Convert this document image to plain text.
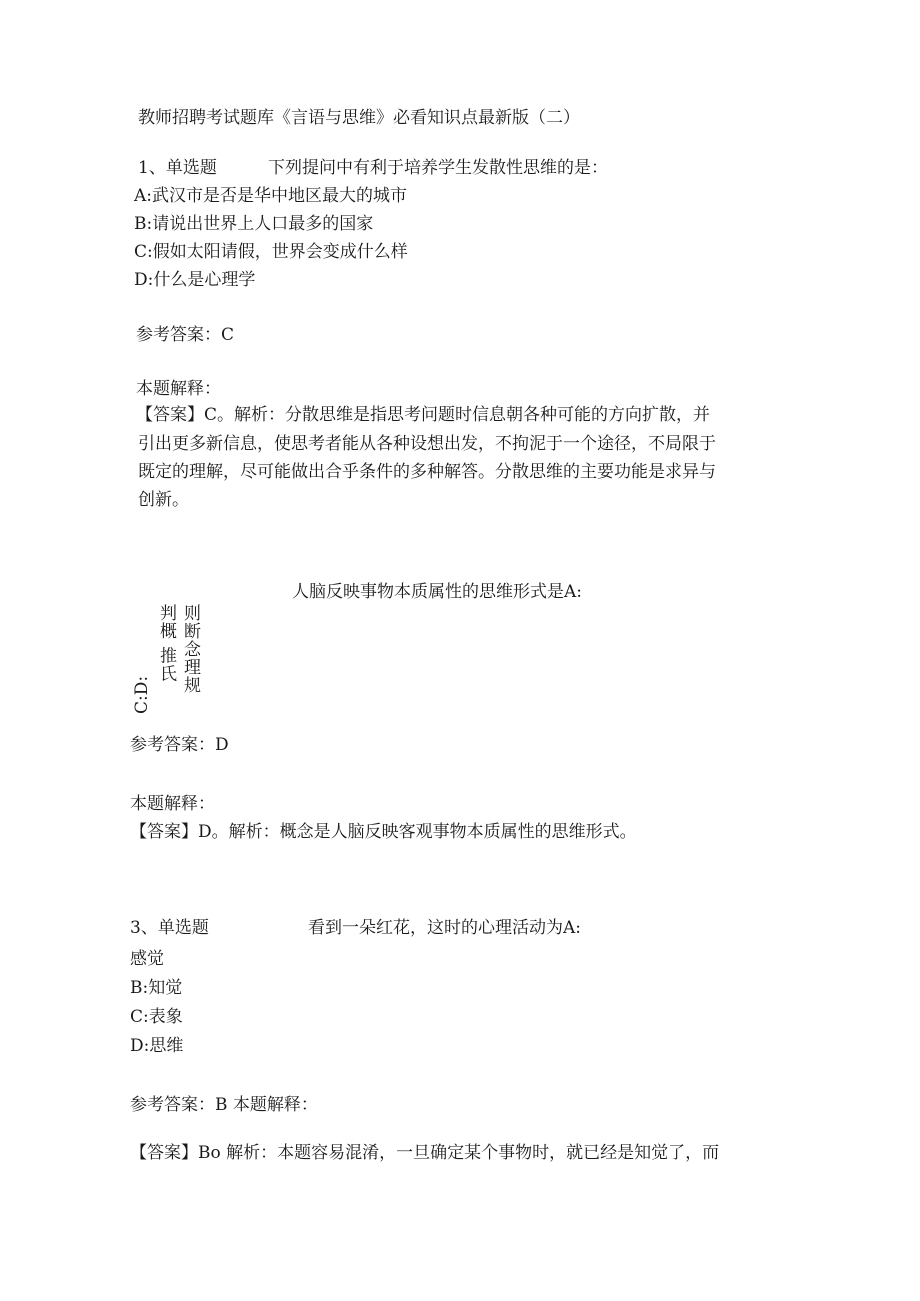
教师招聘考试题库《言语与思维》必看知识点最新版（二）
1、单选题	下列提问中有利于培养学生发散性思维的是：
A:武汉市是否是华中地区最大的城市
B:请说出世界上人口最多的国家
C:假如太阳请假，世界会变成什么样
D:什么是心理学
参考答案：C
本题解释：
【答案】C。解析：分散思维是指思考问题时信息朝各种可能的方向扩散，并
引出更多新信息，使思考者能从各种设想出发，不拘泥于一个途径，不局限于
既定的理解，尽可能做出合乎条件的多种解答。分散思维的主要功能是求异与
创新。
人脑反映事物本质属性的思维形式是A:
则断念理规
判概 推氏
C:D:
参考答案：D
本题解释：
【答案】D。解析：概念是人脑反映客观事物本质属性的思维形式。
3、单选题	看到一朵红花，这时的心理活动为A:
感觉
B:知觉
C:表象
D:思维
参考答案：B 本题解释：
【答案】Bo 解析：本题容易混淆，一旦确定某个事物时，就已经是知觉了，而
